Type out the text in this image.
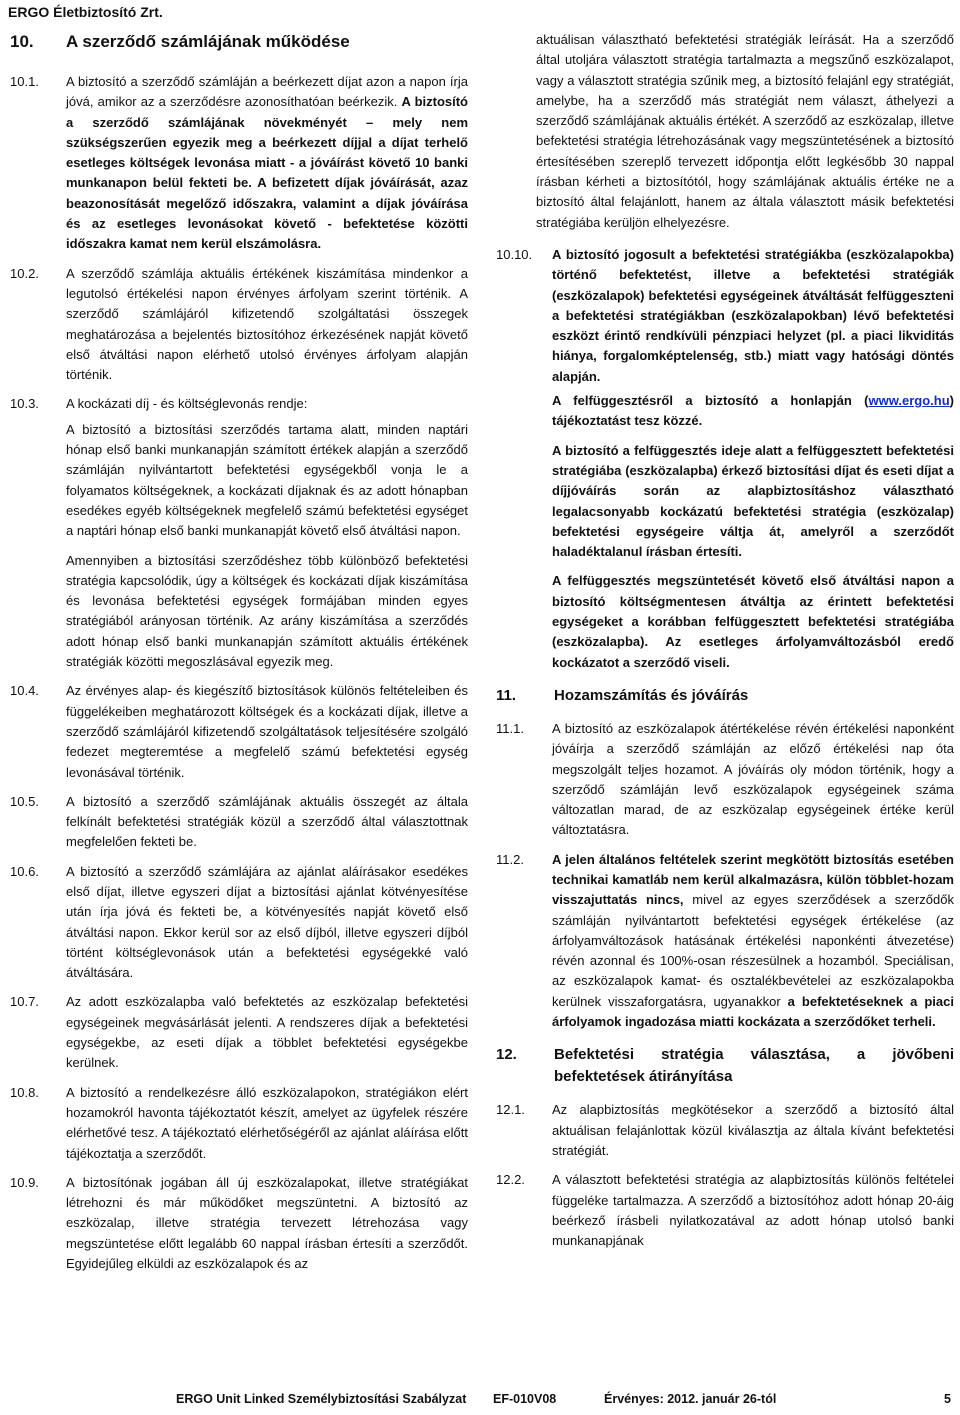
ERGO Életbiztosító Zrt.
10. A szerződő számlájának működése
10.1.	A biztosító a szerződő számláján a beérkezett díjat azon a napon írja jóvá, amikor az a szerződésre azonosíthatóan beérkezik. A biztosító a szerződő számlájának növekményét – mely nem szükségszerűen egyezik meg a beérkezett díjjal a díjat terhelő esetleges költségek levonása miatt - a jóváírást követő 10 banki munkanapon belül fekteti be. A befizetett díjak jóváírását, azaz beazonosítását megelőző időszakra, valamint a díjak jóváírása és az esetleges levonásokat követő - befektetése közötti időszakra kamat nem kerül elszámolásra.
10.2.	A szerződő számlája aktuális értékének kiszámítása mindenkor a legutolsó értékelési napon érvényes árfolyam szerint történik. A szerződő számlájáról kifizetendő szolgáltatási összegek meghatározása a bejelentés biztosítóhoz érkezésének napját követő első átváltási napon elérhető utolsó érvényes árfolyam alapján történik.
10.3.	A kockázati díj - és költséglevonás rendje:
A biztosító a biztosítási szerződés tartama alatt, minden naptári hónap első banki munkanapján számított értékek alapján a szerződő számláján nyilvántartott befektetési egységekből vonja le a folyamatos költségeknek, a kockázati díjaknak és az adott hónapban esedékes egyéb költségeknek megfelelő számú befektetési egységet a naptári hónap első banki munkanapját követő első átváltási napon.
Amennyiben a biztosítási szerződéshez több különböző befektetési stratégia kapcsolódik, úgy a költségek és kockázati díjak kiszámítása és levonása befektetési egységek formájában minden egyes stratégiából arányosan történik. Az arány kiszámítása a szerződés adott hónap első banki munkanapján számított aktuális értékének stratégiák közötti megoszlásával egyezik meg.
10.4.	Az érvényes alap- és kiegészítő biztosítások különös feltételeiben és függelékeiben meghatározott költségek és a kockázati díjak, illetve a szerződő számlájáról kifizetendő szolgáltatások teljesítésére szolgáló fedezet megteremtése a megfelelő számú befektetési egység levonásával történik.
10.5.	A biztosító a szerződő számlájának aktuális összegét az általa felkínált befektetési stratégiák közül a szerződő által választottnak megfelelően fekteti be.
10.6.	A biztosító a szerződő számlájára az ajánlat aláírásakor esedékes első díjat, illetve egyszeri díjat a biztosítási ajánlat kötvényesítése után írja jóvá és fekteti be, a kötvényesítés napját követő első átváltási napon. Ekkor kerül sor az első díjból, illetve egyszeri díjból történt költséglevonások után a befektetési egységekké való átváltására.
10.7.	Az adott eszközalapba való befektetés az eszközalap befektetési egységeinek megvásárlását jelenti. A rendszeres díjak a befektetési egységekbe, az eseti díjak a többlet befektetési egységekbe kerülnek.
10.8.	A biztosító a rendelkezésre álló eszközalapokon, stratégiákon elért hozamokról havonta tájékoztatót készít, amelyet az ügyfelek részére elérhetővé tesz. A tájékoztató elérhetőségéről az ajánlat aláírása előtt tájékoztatja a szerződőt.
10.9.	A biztosítónak jogában áll új eszközalapokat, illetve stratégiákat létrehozni és már működőket megszüntetni. A biztosító az eszközalap, illetve stratégia tervezett létrehozása vagy megszüntetése előtt legalább 60 nappal írásban értesíti a szerződőt. Egyidejűleg elküldi az eszközalapok és az
aktuálisan választható befektetési stratégiák leírását. Ha a szerződő által utoljára választott stratégia tartalmazta a megszűnő eszközalapot, vagy a választott stratégia szűnik meg, a biztosító felajánl egy stratégiát, amelybe, ha a szerződő más stratégiát nem választ, áthelyezi a szerződő számlájának aktuális értékét. A szerződő az eszközalap, illetve befektetési stratégia létrehozásának vagy megszüntetésének a biztosító értesítésében szereplő tervezett időpontja előtt legkésőbb 30 nappal írásban kérheti a biztosítótól, hogy számlájának aktuális értéke ne a biztosító által felajánlott, hanem az általa választott másik befektetési stratégiába kerüljön elhelyezésre.
10.10.	A biztosító jogosult a befektetési stratégiákba (eszközalapokba) történő befektetést, illetve a befektetési stratégiák (eszközalapok) befektetési egységeinek átváltását felfüggeszteni a befektetési stratégiákban (eszközalapokban) lévő befektetési eszközt érintő rendkívüli pénzpiaci helyzet (pl. a piaci likviditás hiánya, forgalomképtelenség, stb.) miatt vagy hatósági döntés alapján.
A felfüggesztésről a biztosító a honlapján (www.ergo.hu) tájékoztatást tesz közzé.
A biztosító a felfüggesztés ideje alatt a felfüggesztett befektetési stratégiába (eszközalapba) érkező biztosítási díjat és eseti díjat a díjjóváírás során az alapbiztosításhoz választható legalacsonyabb kockázatú befektetési stratégia (eszközalap) befektetési egységeire váltja át, amelyről a szerződőt haladéktalanul írásban értesíti.
A felfüggesztés megszüntetését követő első átváltási napon a biztosító költségmentesen átváltja az érintett befektetési egységeket a korábban felfüggesztett befektetési stratégiába (eszközalapba). Az esetleges árfolyamváltozásból eredő kockázatot a szerződő viseli.
11.	Hozamszámítás és jóváírás
11.1.	A biztosító az eszközalapok átértékelése révén értékelési naponként jóváírja a szerződő számláján az előző értékelési nap óta megszolgált teljes hozamot. A jóváírás oly módon történik, hogy a szerződő számláján levő eszközalapok egységeinek száma változatlan marad, de az eszközalap egységeinek értéke kerül változtatásra.
11.2.	A jelen általános feltételek szerint megkötött biztosítás esetében technikai kamatláb nem kerül alkalmazásra, külön többlet-hozam visszajuttatás nincs, mivel az egyes szerződések a szerződők számláján nyilvántartott befektetési egységek értékelése (az árfolyamváltozások hatásának értékelési naponkénti átvezetése) révén azonnal és 100%-osan részesülnek a hozamból. Speciálisan, az eszközalapok kamat- és osztalékbevételei az eszközalapokba kerülnek visszaforgatásra, ugyanakkor a befektetéseknek a piaci árfolyamok ingadozása miatti kockázata a szerződőket terheli.
12.	Befektetési stratégia választása, a jövőbeni befektetések átirányítása
12.1.	Az alapbiztosítás megkötésekor a szerződő a biztosító által aktuálisan felajánlottak közül kiválasztja az általa kívánt befektetési stratégiát.
12.2.	A választott befektetési stratégia az alapbiztosítás különös feltételei függeléke tartalmazza. A szerződő a biztosítóhoz adott hónap 20-áig beérkező írásbeli nyilatkozatával az adott hónap utolsó banki munkanapjának
ERGO Unit Linked Személybiztosítási Szabályzat EF-010V08	Érvényes: 2012. január 26-tól	5
